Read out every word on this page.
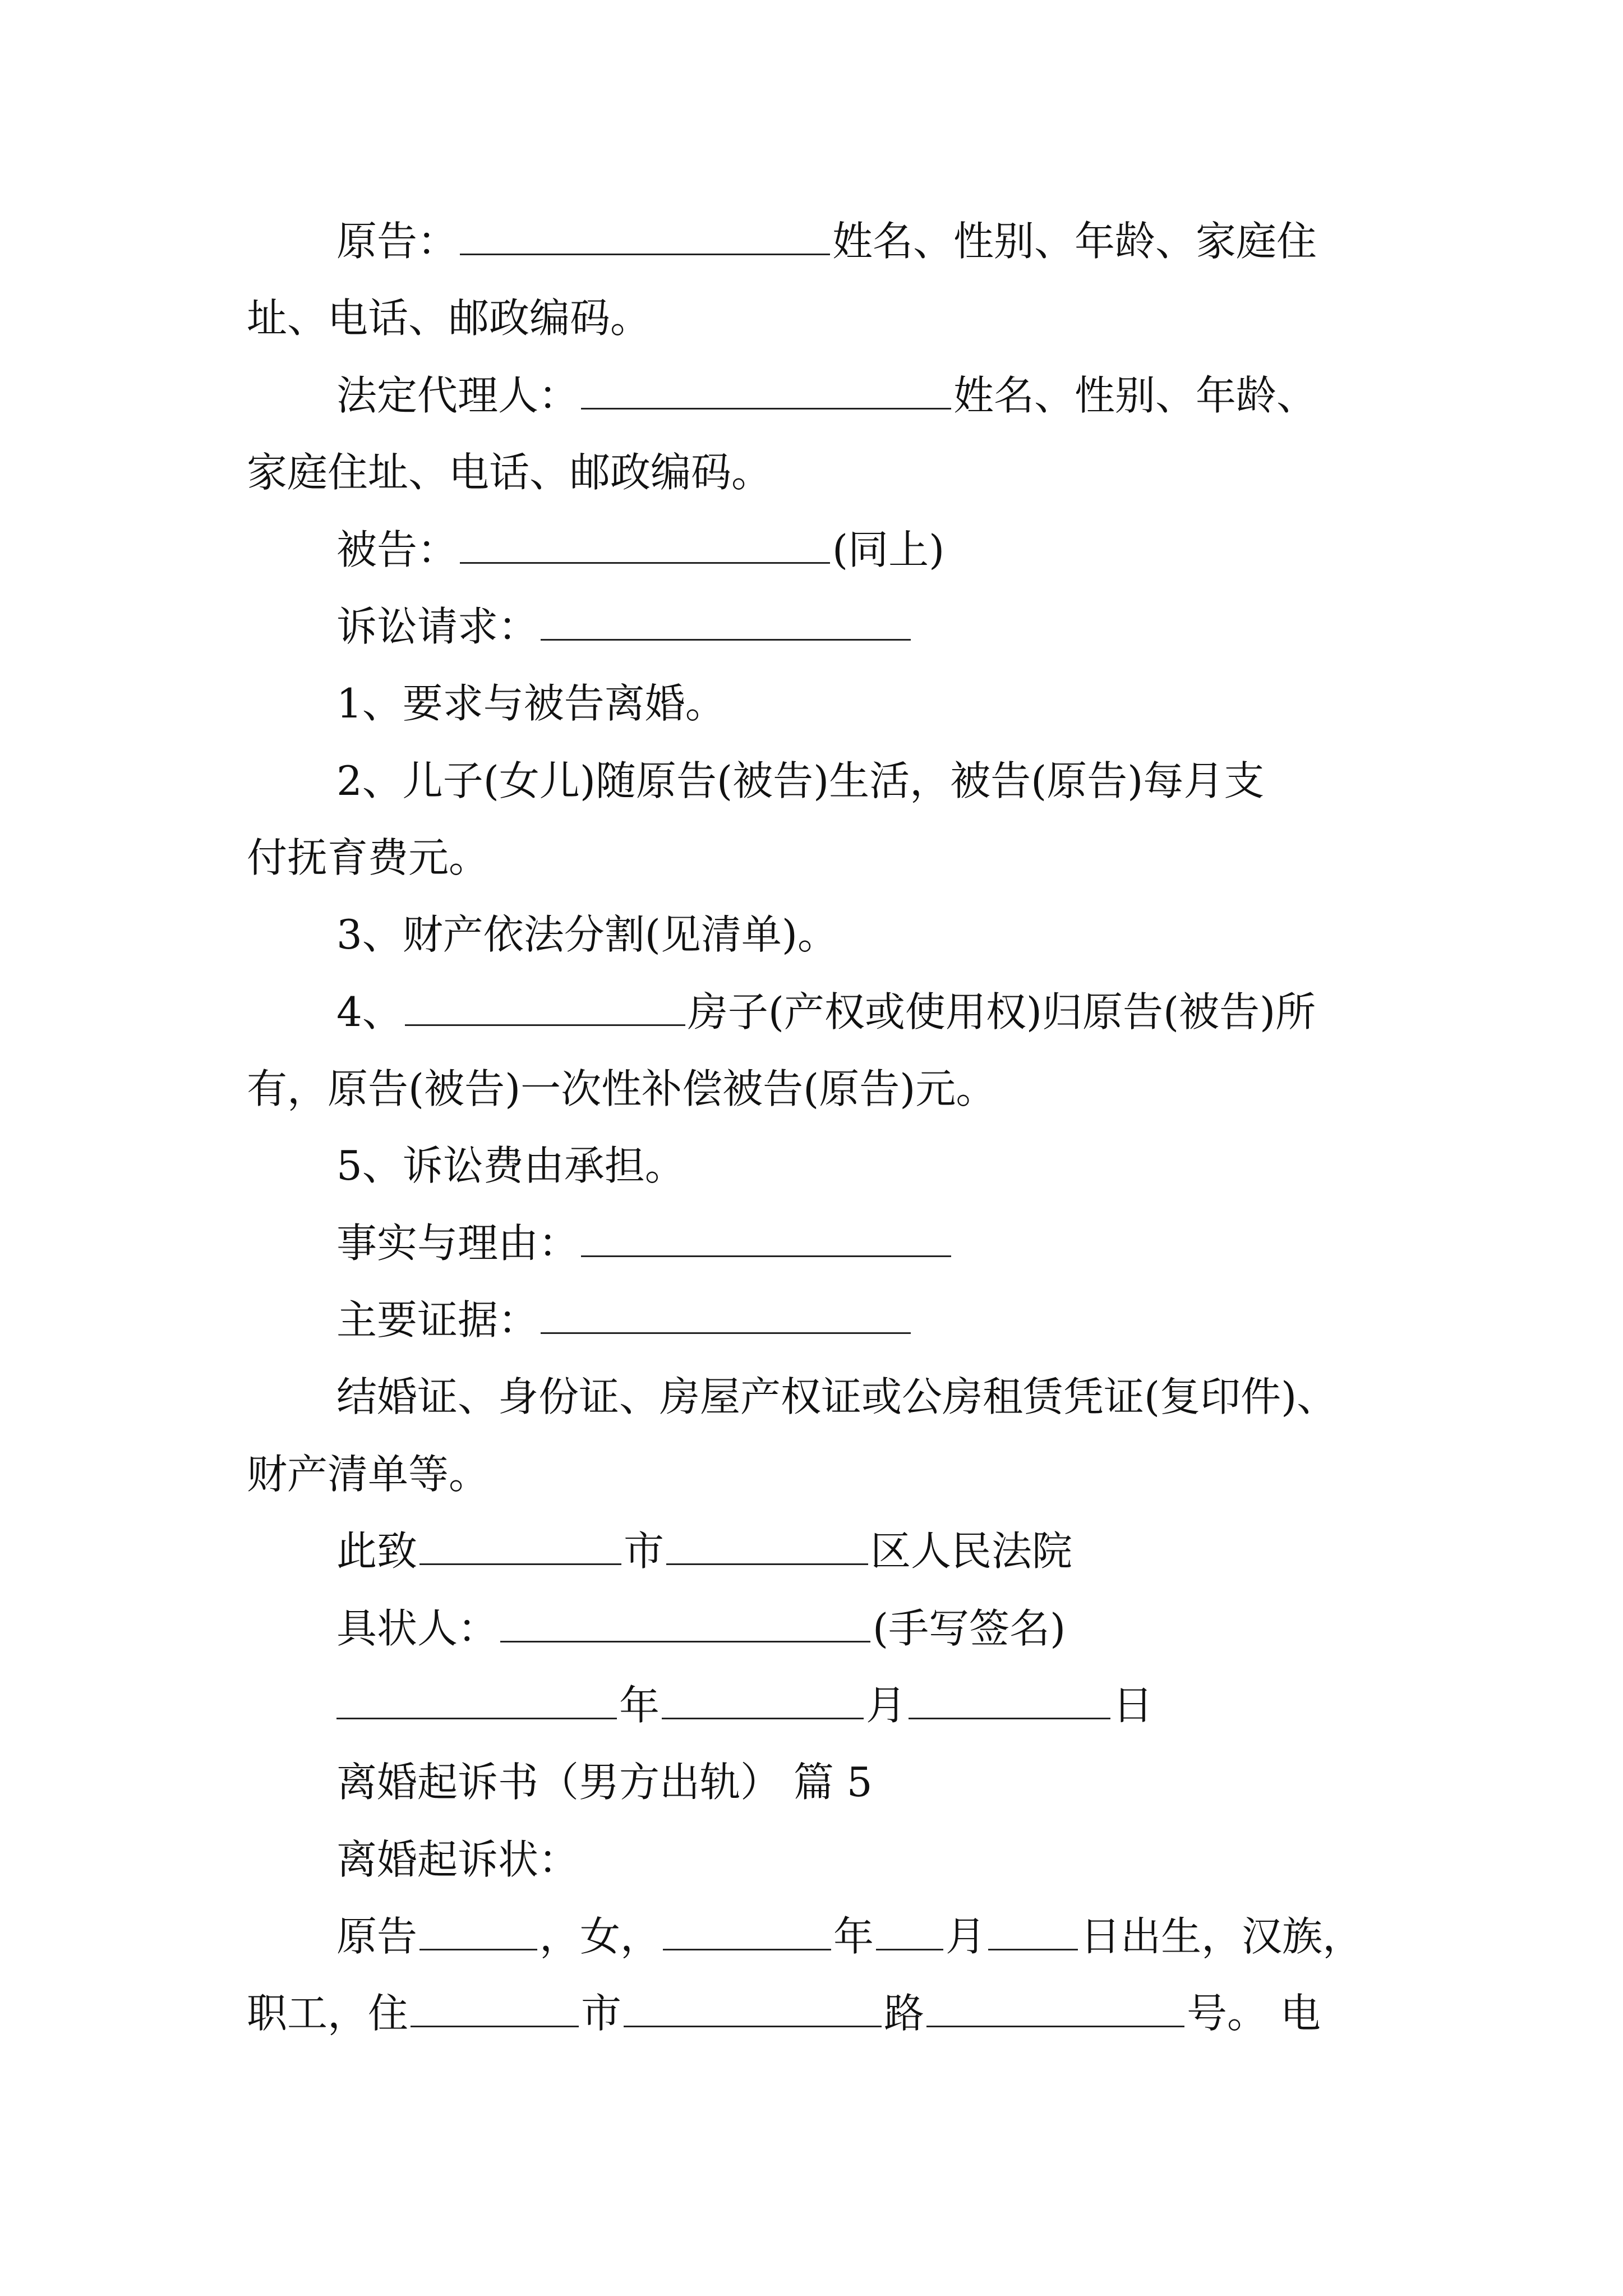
原告：	姓名、性别、年龄、家庭住
址、电话、邮政编码。
法定代理人：	姓名、性别、年龄、
家庭住址、电话、邮政编码。
被告：	(同上)
诉讼请求：
1、要求与被告离婚。
2、儿子(女儿)随原告(被告)生活，被告(原告)每月支
付抚育费元。
3、财产依法分割(见清单)。
4、	房子(产权或使用权)归原告(被告)所
有，原告(被告)一次性补偿被告(原告)元。
5、诉讼费由承担。
事实与理由：
主要证据：
结婚证、身份证、房屋产权证或公房租赁凭证(复印件)、
财产清单等。
此致	市	区人民法院
具状人：	(手写签名)
年	月	日
离婚起诉书（男方出轨） 篇 5
离婚起诉状：
原告	，女，	年 月 日出生，汉族，
职工，住	市	路	号。 电
